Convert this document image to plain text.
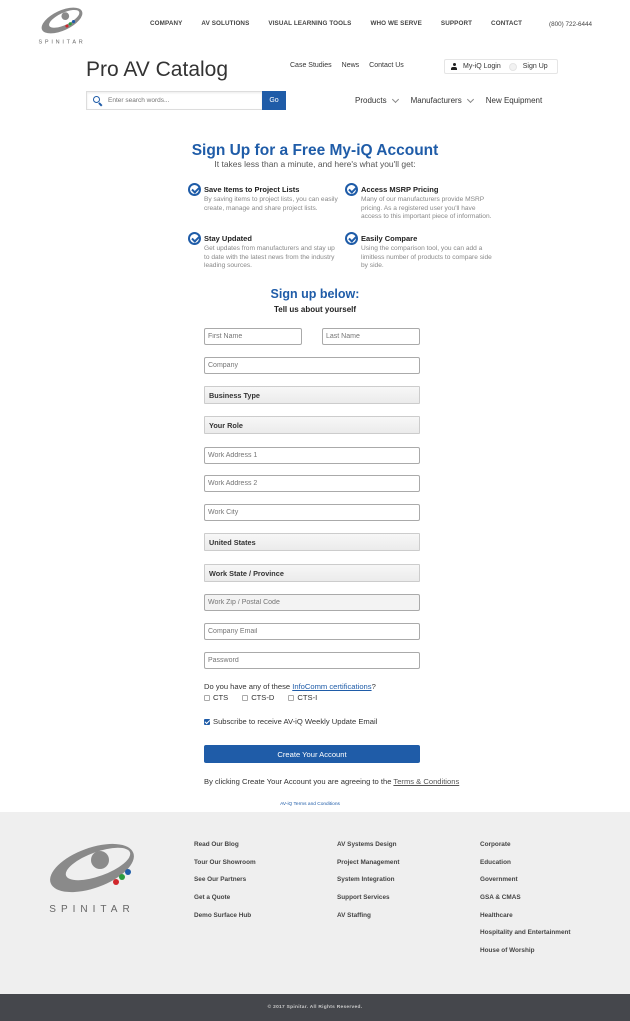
SPINITAR
COMPANY	AV SOLUTIONS	VISUAL LEARNING TOOLS	WHO WE SERVE	SUPPORT	CONTACT	(800) 722-6444
Pro AV Catalog	Case Studies News Contact Us	My-iQ Login	Sign Up
Enter search words...
Go	Products	Manufacturers	New Equipment
Sign Up for a Free My-iQ Account
It takes less than a minute, and here's what you'll get:
Save Items to Project Lists
By saving items to project lists, you can easily create, manage and share project lists.
Access MSRP Pricing
Many of our manufacturers provide MSRP pricing. As a registered user you'll have access to this important piece of information.
Stay Updated
Get updates from manufacturers and stay up to date with the latest news from the industry leading sources.
Easily Compare
Using the comparison tool, you can add a limitless number of products to compare side by side.
Sign up below:
Tell us about yourself
First Name
Last Name
Company
Business Type
Your Role
Work Address 1
Work Address 2
Work City
United States
Work State / Province
Work Zip / Postal Code
Company Email
Do you have any of these InfoComm certifications?
CTS	CTS-D	CTS-I
Subscribe to receive AV-iQ Weekly Update Email
Create Your Account
By clicking Create Your Account you are agreeing to the Terms & Conditions
AV-iQ Terms and Conditions
SPINITAR
Read Our Blog
Tour Our Showroom
See Our Partners
Get a Quote
Demo Surface Hub
AV Systems Design
Project Management
System Integration
Support Services
AV Staffing
Corporate
Education
Government
GSA & CMAS
Healthcare
Hospitality and Entertainment
House of Worship
© 2017 Spinitar. All Rights Reserved.
